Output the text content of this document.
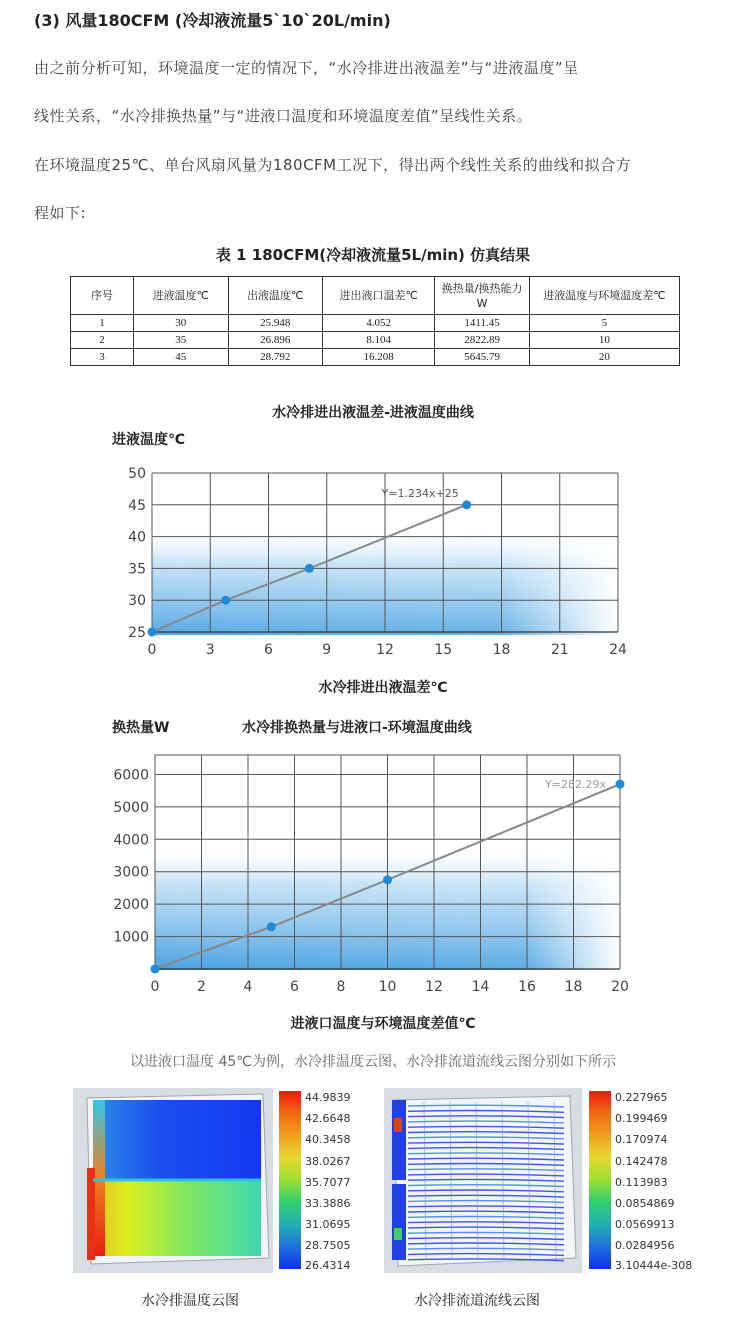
(3) 风量180CFM (冷却液流量5`10`20L/min)
由之前分析可知，环境温度一定的情况下，“水冷排进出液温差”与“进液温度”呈
线性关系，“水冷排换热量”与“进液口温度和环境温度差值”呈线性关系。
在环境温度25℃、单台风扇风量为180CFM工况下，得出两个线性关系的曲线和拟合方
程如下:
表 1 180CFM(冷却液流量5L/min) 仿真结果
序号	进液温度℃	出液温度℃	进出液口温差℃	换热量/换热能力 W	进液温度与环境温度差℃
1	30	25.948	4.052	1411.45	5
2	35	26.896	8.104	2822.89	10
3	45	28.792	16.208	5645.79	20
水冷排进出液温差-进液温度曲线
进液温度℃
0	3	6	9	12	15	18	21	24
25
30
35
40
45
50
Y=1.234x+25
水冷排进出液温差℃
换热量W	水冷排换热量与进液口-环境温度曲线
0	2	4	6	8 10 12 14 16 18 20
1000
2000
3000
4000
5000
6000
Y=282.29x
进液口温度与环境温度差值℃
以进液口温度 45℃为例，水冷排温度云图、水冷排流道流线云图分别如下所示
44.9839
42.6648
40.3458
38.0267
35.7077
33.3886
31.0695
28.7505
26.4314
0.227965
0.199469
0.170974
0.142478
0.113983
0.0854869
0.0569913
0.0284956
3.10444e-308
水冷排温度云图	水冷排流道流线云图
